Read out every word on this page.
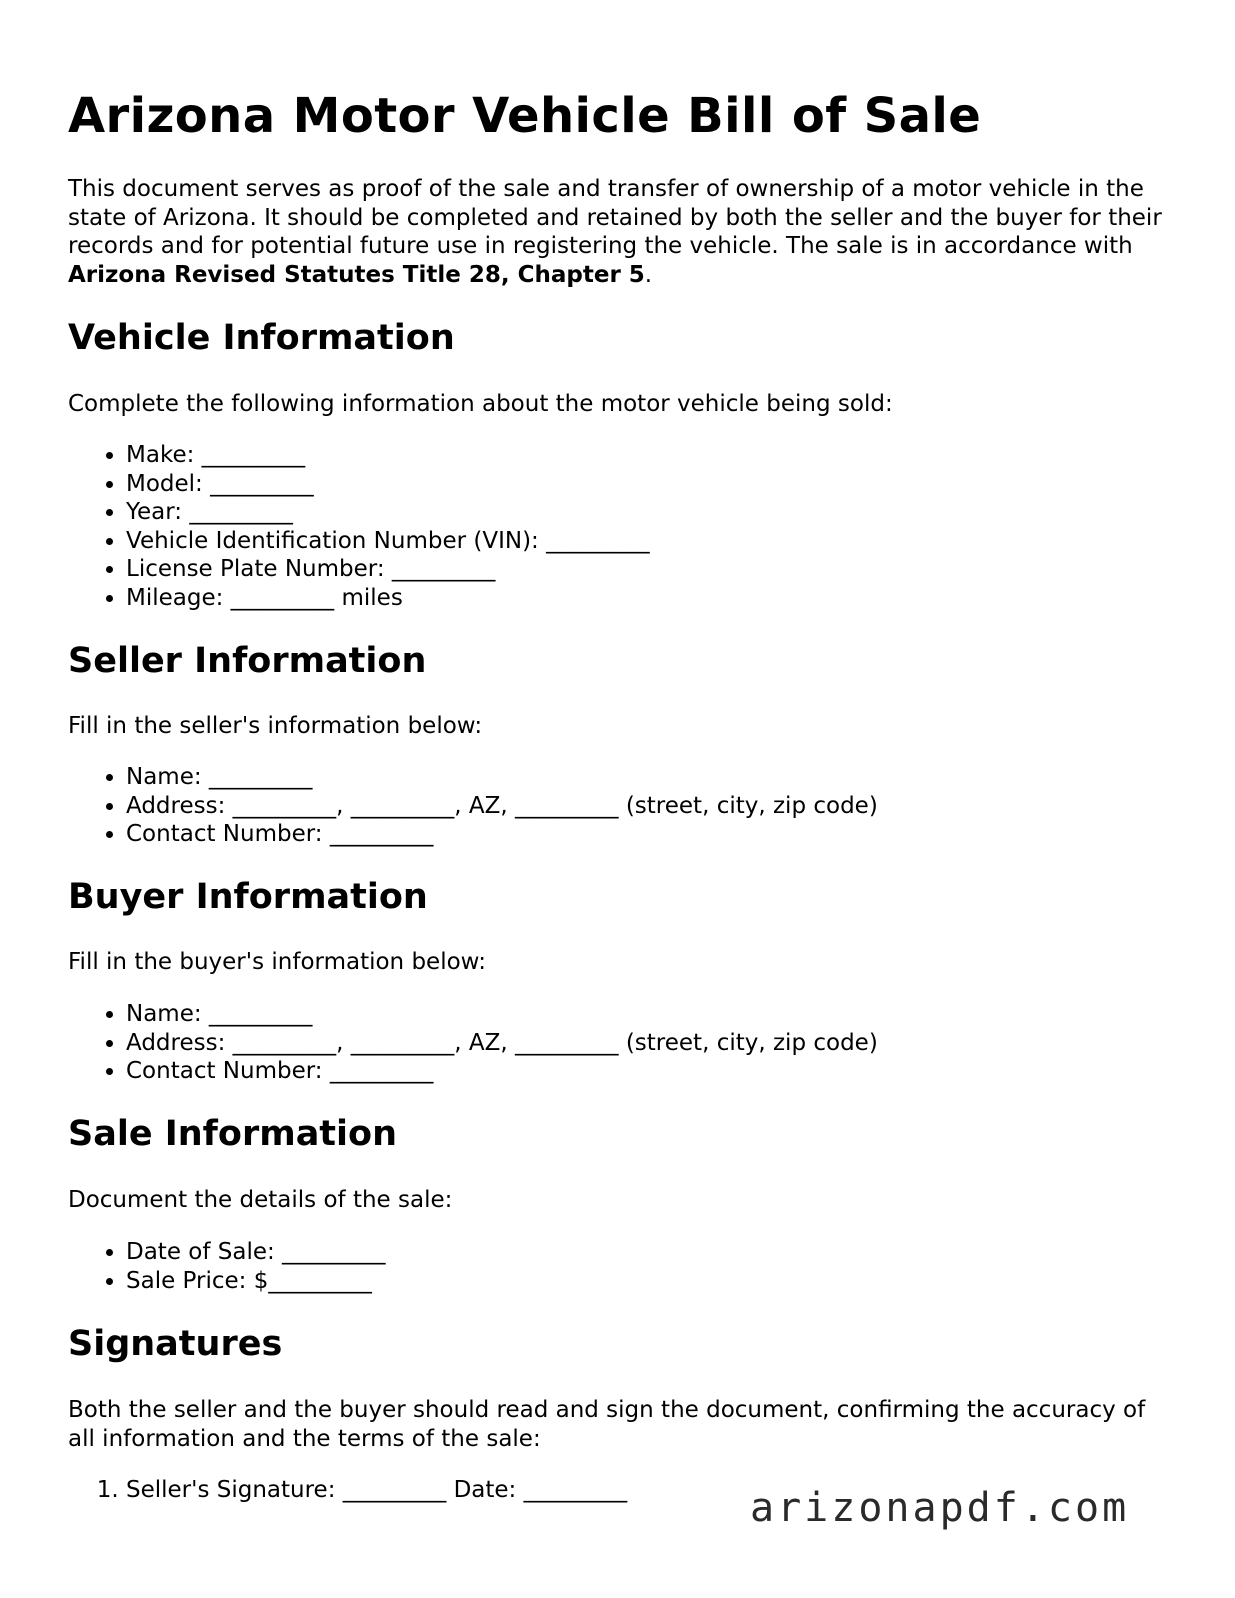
Arizona Motor Vehicle Bill of Sale

This document serves as proof of the sale and transfer of ownership of a motor vehicle in the state of Arizona. It should be completed and retained by both the seller and the buyer for their records and for potential future use in registering the vehicle. The sale is in accordance with Arizona Revised Statutes Title 28, Chapter 5.

Vehicle Information

Complete the following information about the motor vehicle being sold:

• Make: _________
• Model: _________
• Year: _________
• Vehicle Identification Number (VIN): _________
• License Plate Number: _________
• Mileage: _________ miles
Seller Information

Fill in the seller's information below:

• Name: _________
• Address: _________, _________, AZ, _________ (street, city, zip code)
• Contact Number: _________
Buyer Information

Fill in the buyer's information below:

• Name: _________
• Address: _________, _________, AZ, _________ (street, city, zip code)
• Contact Number: _________
Sale Information

Document the details of the sale:

• Date of Sale: _________
• Sale Price: $_________
Signatures

Both the seller and the buyer should read and sign the document, confirming the accuracy of all information and the terms of the sale:

1. Seller's Signature: _________ Date: _________	arizonapdf.com
